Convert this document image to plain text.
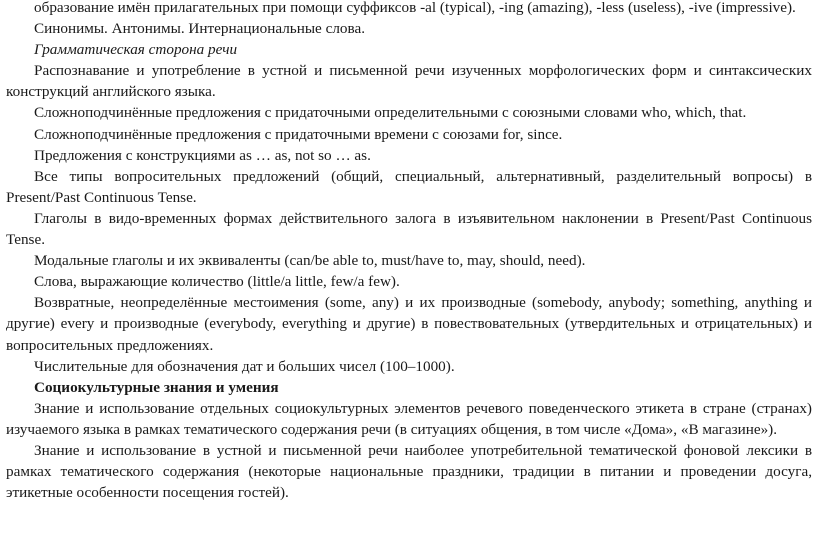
образование имён прилагательных при помощи суффиксов -al (typical), -ing (amazing), -less (useless), -ive (impressive).

Синонимы. Антонимы. Интернациональные слова.

Грамматическая сторона речи

Распознавание и употребление в устной и письменной речи изученных морфологических форм и синтаксических конструкций английского языка.

Сложноподчинённые предложения с придаточными определительными с союзными словами who, which, that.

Сложноподчинённые предложения с придаточными времени с союзами for, since.

Предложения с конструкциями as … as, not so … as.

Все типы вопросительных предложений (общий, специальный, альтернативный, разделительный вопросы) в Present/Past Continuous Tense.

Глаголы в видо-временных формах действительного залога в изъявительном наклонении в Present/Past Continuous Tense.

Модальные глаголы и их эквиваленты (can/be able to, must/have to, may, should, need).

Слова, выражающие количество (little/a little, few/a few).

Возвратные, неопределённые местоимения (some, any) и их производные (somebody, anybody; something, anything и другие) every и производные (everybody, everything и другие) в повествовательных (утвердительных и отрицательных) и вопросительных предложениях.

Числительные для обозначения дат и больших чисел (100–1000).

Социокультурные знания и умения

Знание и использование отдельных социокультурных элементов речевого поведенческого этикета в стране (странах) изучаемого языка в рамках тематического содержания речи (в ситуациях общения, в том числе «Дома», «В магазине»).

Знание и использование в устной и письменной речи наиболее употребительной тематической фоновой лексики в рамках тематического содержания (некоторые национальные праздники, традиции в питании и проведении досуга, этикетные особенности посещения гостей).
